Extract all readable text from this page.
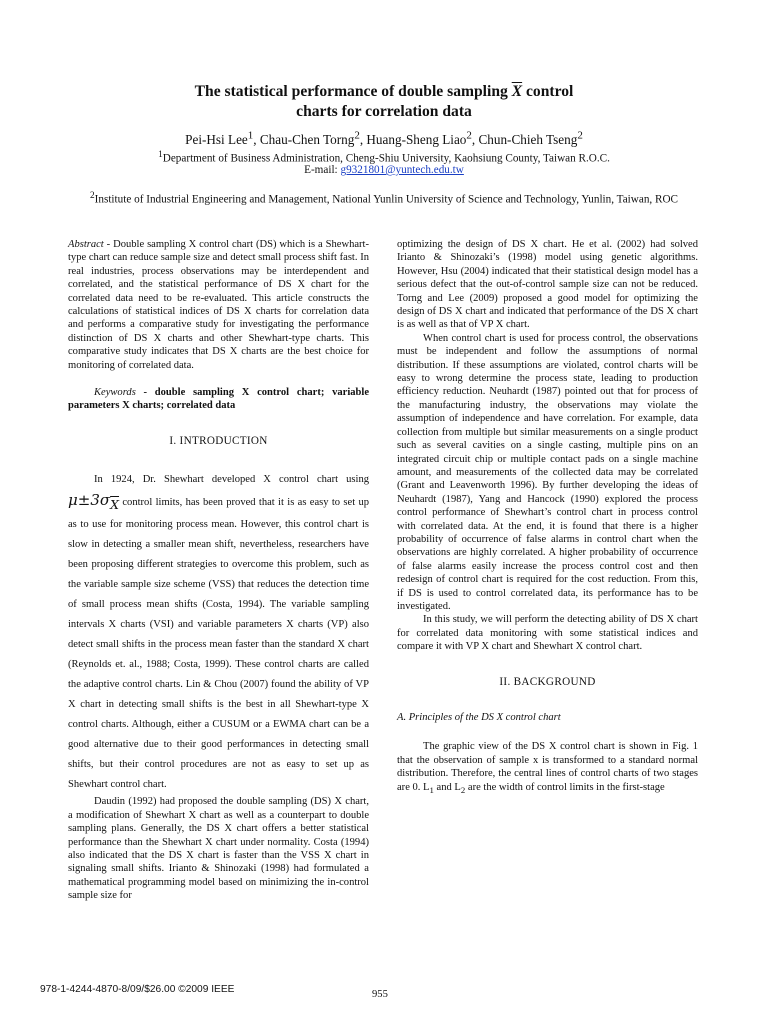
The statistical performance of double sampling $\overline{X}$ control
charts for correlation data
Pei-Hsi Lee$^1$, Chau-Chen Torng$^2$, Huang-Sheng Liao$^2$, Chun-Chieh Tseng$^2$
$^1$Department of Business Administration, Cheng-Shiu University, Kaohsiung County, Taiwan R.O.C.
E-mail: g9321801@yuntech.edu.tw
$^2$Institute of Industrial Engineering and Management, National Yunlin University of Science and Technology, Yunlin, Taiwan, ROC

Abstract - Double sampling X control chart (DS) which is a Shewhart-type chart can reduce sample size and detect small process shift fast. In real industries, process observations may be interdependent and correlated, and the statistical performance of DS X chart for the correlated data need to be re-evaluated. This article constructs the calculations of statistical indices of DS X charts for correlation data and performs a comparative study for investigating the performance distinction of DS X charts and other Shewhart-type charts. This comparative study indicates that DS X charts are the best choice for monitoring of correlated data.

Keywords - double sampling X control chart; variable parameters X charts; correlated data

I. INTRODUCTION

In 1924, Dr. Shewhart developed X control chart using $\mu\pm 3\sigma_{\overline{X}}$ control limits, has been proved that it is as easy to set up as to use for monitoring process mean. However, this control chart is slow in detecting a smaller mean shift, nevertheless, researchers have been proposing different strategies to overcome this problem, such as the variable sample size scheme (VSS) that reduces the detection time of small process mean shifts (Costa, 1994). The variable sampling intervals X charts (VSI) and variable parameters X charts (VP) also detect small shifts in the process mean faster than the standard X chart (Reynolds et. al., 1988; Costa, 1999). These control charts are called the adaptive control charts. Lin & Chou (2007) found the ability of VP X chart in detecting small shifts is the best in all Shewhart-type X control charts. Although, either a CUSUM or a EWMA chart can be a good alternative due to their good performances in detecting small shifts, but their control procedures are not as easy to set up as Shewhart control chart.

Daudin (1992) had proposed the double sampling (DS) X chart, a modification of Shewhart X chart as well as a counterpart to double sampling plans. Generally, the DS X chart offers a better statistical performance than the Shewhart X chart under normality. Costa (1994) also indicated that the DS X chart is faster than the VSS X chart in signaling small shifts. Irianto & Shinozaki (1998) had formulated a mathematical programming model based on minimizing the in-control sample size for

optimizing the design of DS X chart. He et al. (2002) had solved Irianto & Shinozaki’s (1998) model using genetic algorithms. However, Hsu (2004) indicated that their statistical design model has a serious defect that the out-of-control sample size can not be reduced. Torng and Lee (2009) proposed a good model for optimizing the design of DS X chart and indicated that performance of the DS X chart is as well as that of VP X chart.

When control chart is used for process control, the observations must be independent and follow the assumptions of normal distribution. If these assumptions are violated, control charts will be easy to wrong determine the process state, leading to production efficiency reduction. Neuhardt (1987) pointed out that for process of the manufacturing industry, the observations may violate the assumption of independence and have correlation. For example, data collection from multiple but similar measurements on a single product such as several cavities on a single casting, multiple pins on an integrated circuit chip or multiple contact pads on a single machine amount, and measurements of the collected data may be correlated (Grant and Leavenworth 1996). By further developing the ideas of Neuhardt (1987), Yang and Hancock (1990) explored the process control performance of Shewhart’s control chart in process control with correlated data. At the end, it is found that there is a higher probability of occurrence of false alarms in control chart when the observations are highly correlated. A higher probability of occurrence of false alarms easily increase the process control cost and then redesign of control chart is required for the cost reduction. From this, if DS is used to control correlated data, its performance has to be investigated.

In this study, we will perform the detecting ability of DS X chart for correlated data monitoring with some statistical indices and compare it with VP X chart and Shewhart X control chart.

II. BACKGROUND

A. Principles of the DS X control chart

The graphic view of the DS X control chart is shown in Fig. 1 that the observation of sample x is transformed to a standard normal distribution. Therefore, the central lines of control charts of two stages are 0. $L_1$ and $L_2$ are the width of control limits in the first-stage

978-1-4244-4870-8/09/$26.00 ©2009 IEEE	955
